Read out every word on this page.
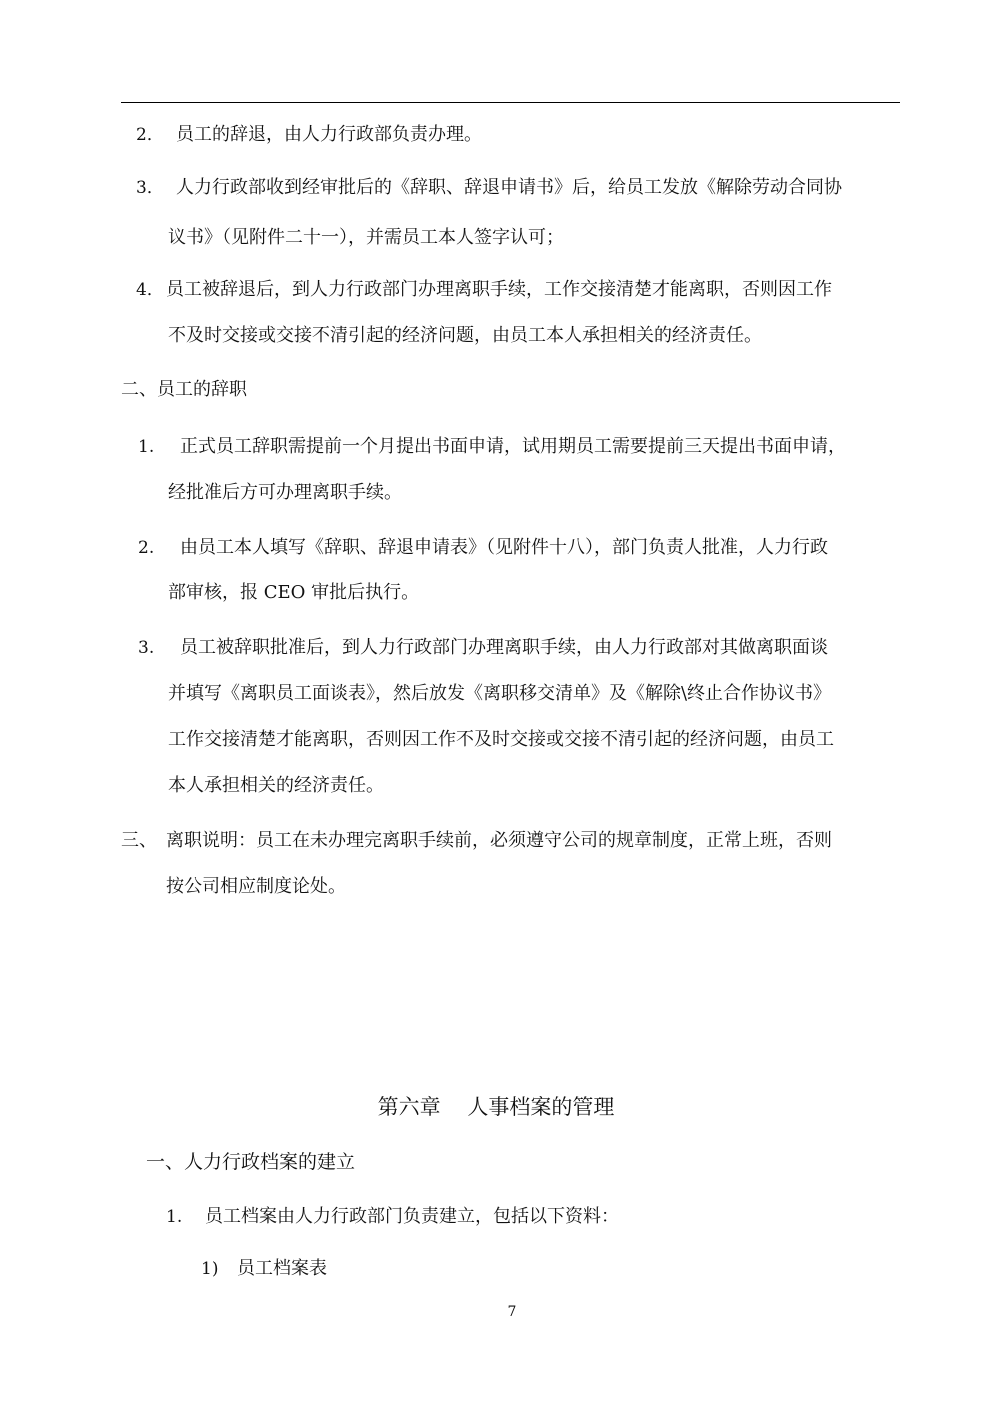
2． 员工的辞退，由人力行政部负责办理。
3． 人力行政部收到经审批后的《辞职、辞退申请书》后，给员工发放《解除劳动合同协
议书》（见附件二十一），并需员工本人签字认可；
4． 员工被辞退后，到人力行政部门办理离职手续，工作交接清楚才能离职，否则因工作
不及时交接或交接不清引起的经济问题，由员工本人承担相关的经济责任。
二、员工的辞职
1. 正式员工辞职需提前一个月提出书面申请，试用期员工需要提前三天提出书面申请，
经批准后方可办理离职手续。
2. 由员工本人填写《辞职、辞退申请表》（见附件十八），部门负责人批准，人力行政
部审核，报 CEO 审批后执行。
3. 员工被辞职批准后，到人力行政部门办理离职手续，由人力行政部对其做离职面谈
并填写《离职员工面谈表》，然后放发《离职移交清单》及《解除\终止合作协议书》
工作交接清楚才能离职，否则因工作不及时交接或交接不清引起的经济问题，由员工
本人承担相关的经济责任。
三、 离职说明：员工在未办理完离职手续前，必须遵守公司的规章制度，正常上班，否则
按公司相应制度论处。
第六章    人事档案的管理
一、人力行政档案的建立
1. 员工档案由人力行政部门负责建立，包括以下资料：
1) 员工档案表
7
